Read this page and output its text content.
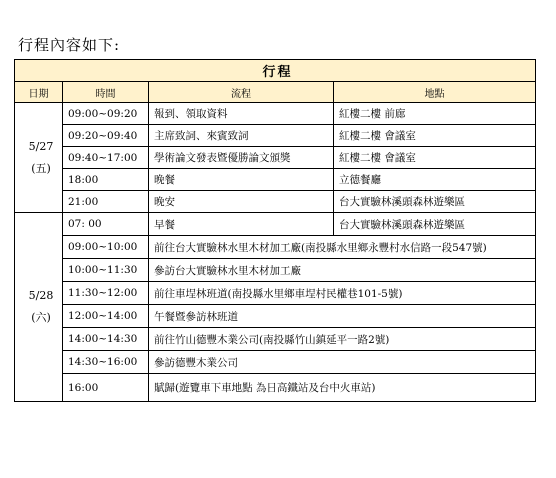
行程內容如下:
行程			
日期	時間	流程	地點

5/27
(五)	09:00~09:20	報到、領取資料	紅樓二樓 前廊
	09:20~09:40	主席致詞、來賓致詞	紅樓二樓 會議室
	09:40~17:00	學術論文發表暨優勝論文頒獎	紅樓二樓 會議室
	18:00	晚餐	立德餐廳
	21:00	晚安	台大實驗林溪頭森林遊樂區

5/28
(六)	07: 00	早餐	台大實驗林溪頭森林遊樂區
	09:00~10:00	前往台大實驗林水里木材加工廠(南投縣水里鄉永豐村水信路一段547號)	
	10:00~11:30	參訪台大實驗林水里木材加工廠	
	11:30~12:00	前往車埕林班道(南投縣水里鄉車埕村民權巷101-5號)	
	12:00~14:00	午餐暨參訪林班道	
	14:00~14:30	前往竹山德豐木業公司(南投縣竹山鎮延平一路2號)	
	14:30~16:00	參訪德豐木業公司	
	16:00	賦歸(遊覽車下車地點 為日高鐵站及台中火車站)	
